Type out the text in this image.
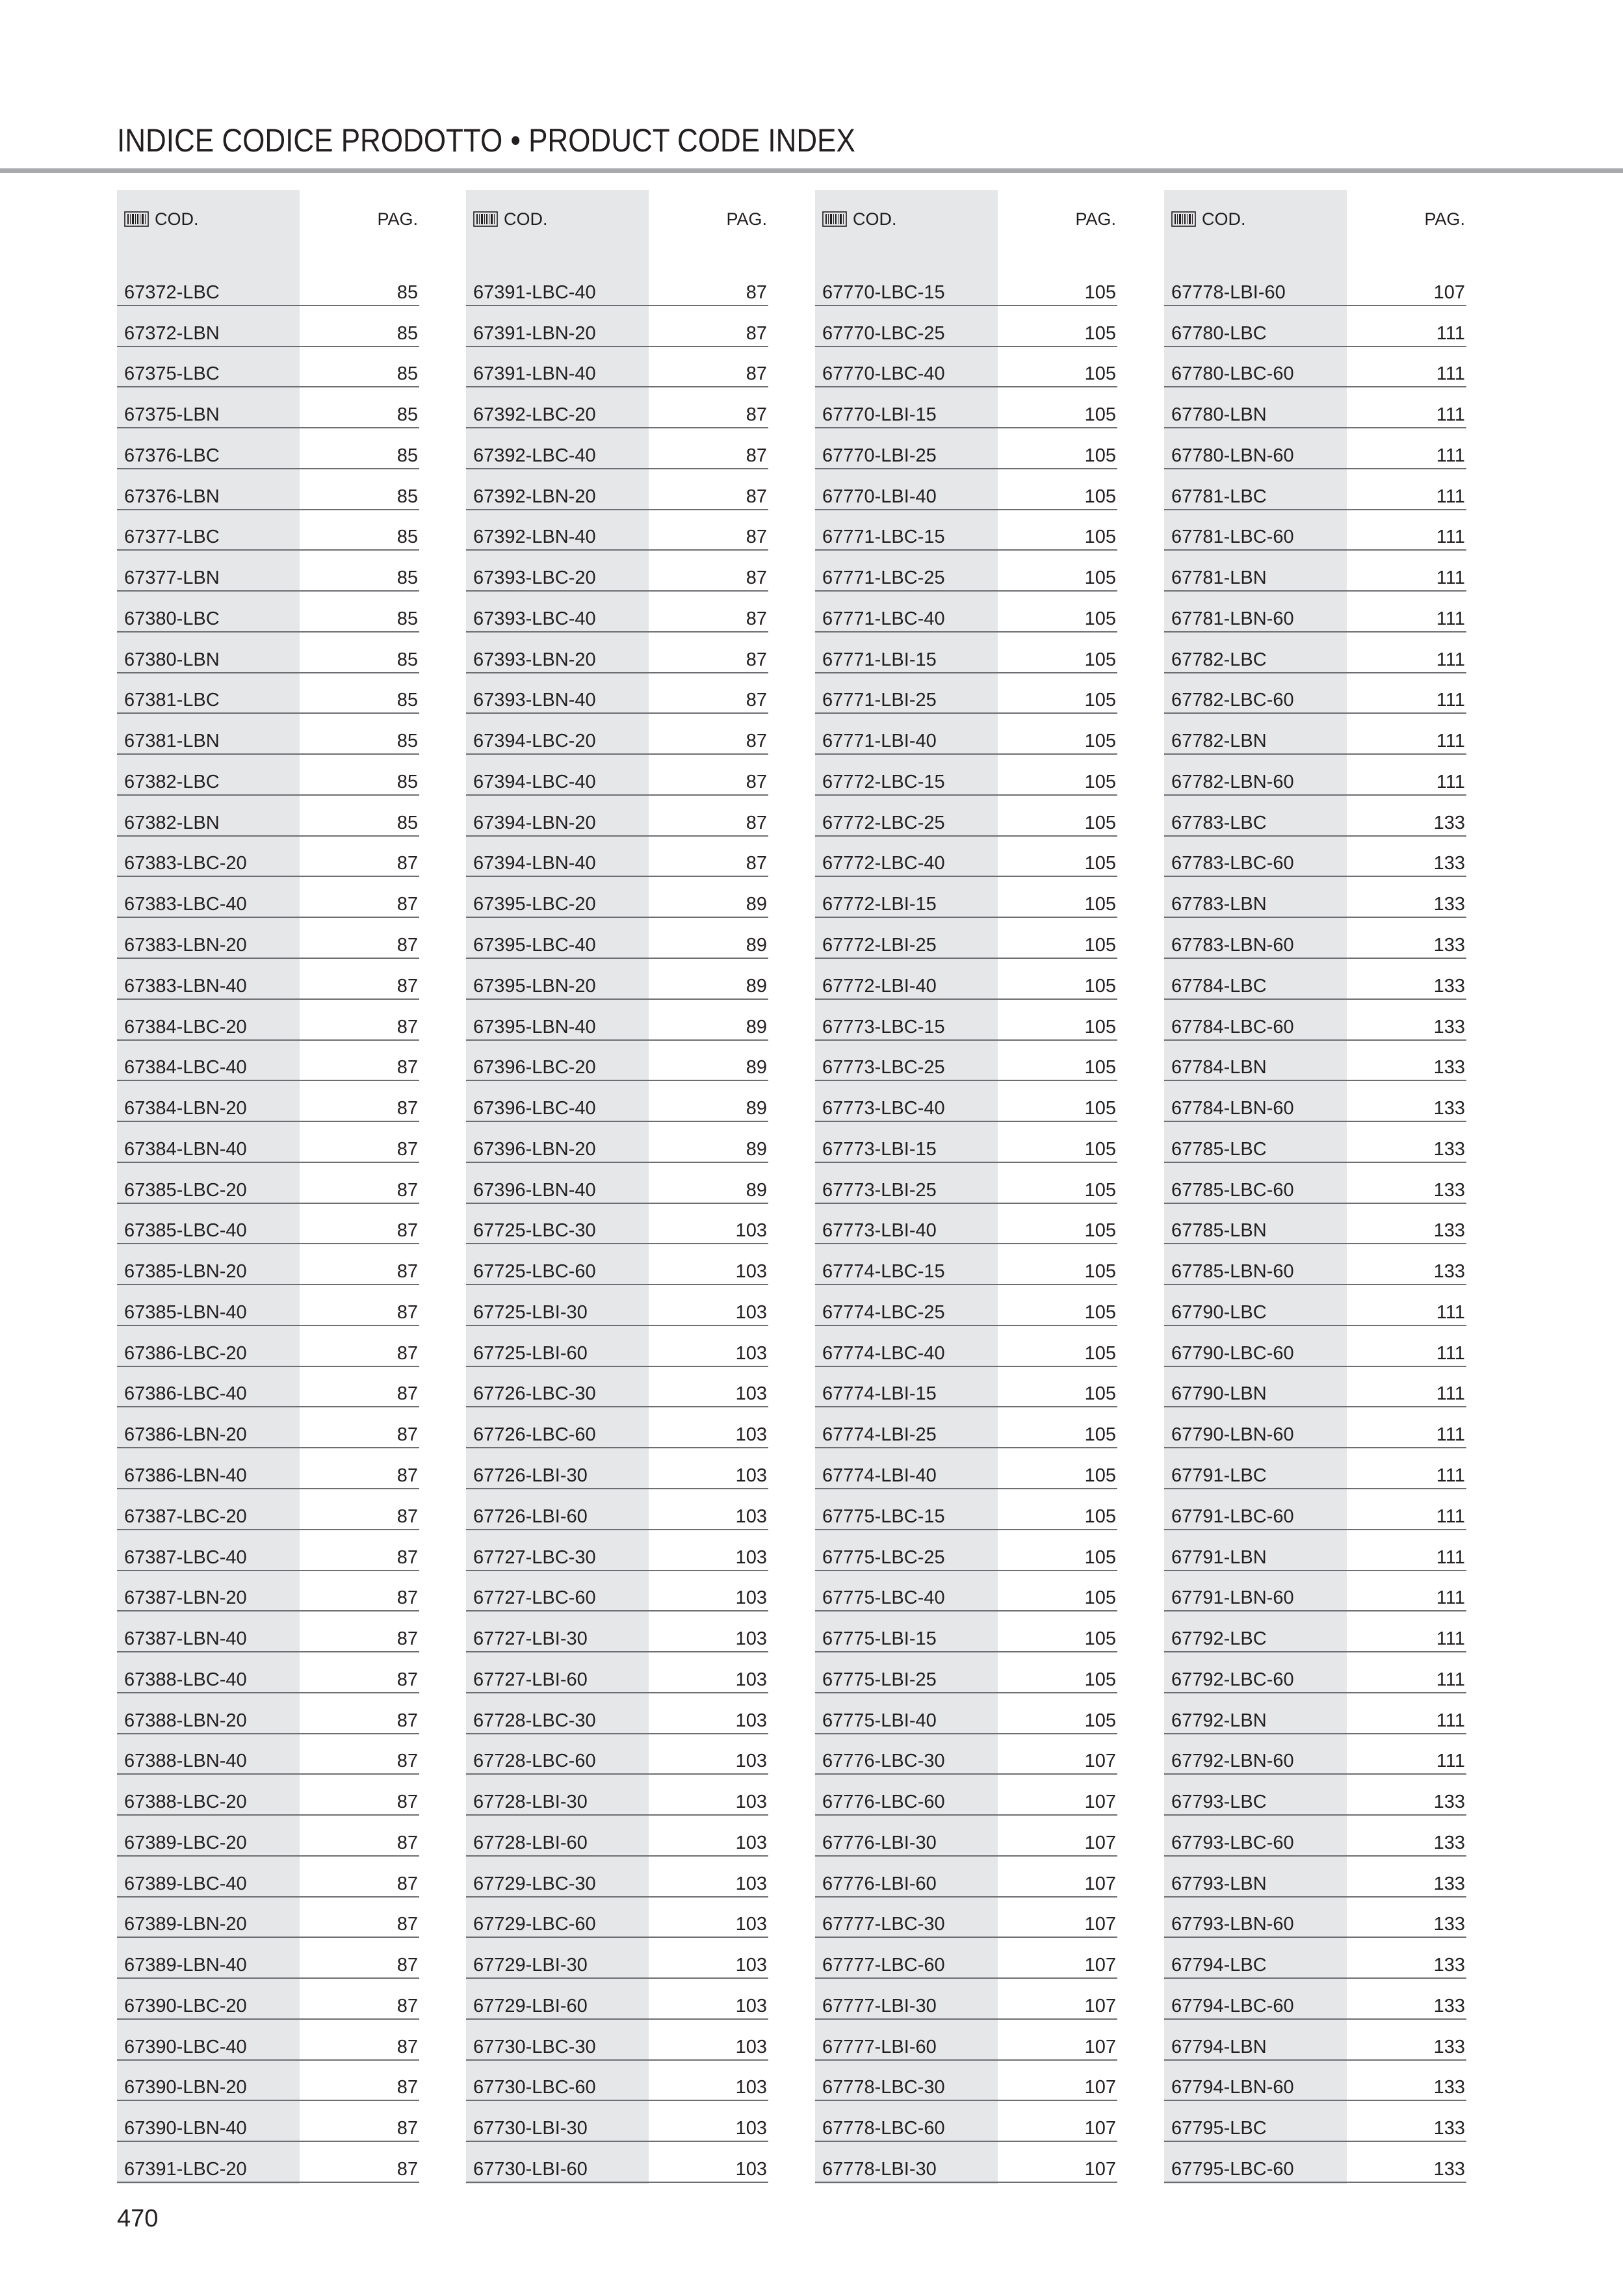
INDICE CODICE PRODOTTO • PRODUCT CODE INDEX
COD.	PAG.
67372-LBC	85
67372-LBN	85
67375-LBC	85
67375-LBN	85
67376-LBC	85
67376-LBN	85
67377-LBC	85
67377-LBN	85
67380-LBC	85
67380-LBN	85
67381-LBC	85
67381-LBN	85
67382-LBC	85
67382-LBN	85
67383-LBC-20	87
67383-LBC-40	87
67383-LBN-20	87
67383-LBN-40	87
67384-LBC-20	87
67384-LBC-40	87
67384-LBN-20	87
67384-LBN-40	87
67385-LBC-20	87
67385-LBC-40	87
67385-LBN-20	87
67385-LBN-40	87
67386-LBC-20	87
67386-LBC-40	87
67386-LBN-20	87
67386-LBN-40	87
67387-LBC-20	87
67387-LBC-40	87
67387-LBN-20	87
67387-LBN-40	87
67388-LBC-40	87
67388-LBN-20	87
67388-LBN-40	87
67388-LBC-20	87
67389-LBC-20	87
67389-LBC-40	87
67389-LBN-20	87
67389-LBN-40	87
67390-LBC-20	87
67390-LBC-40	87
67390-LBN-20	87
67390-LBN-40	87
67391-LBC-20	87
COD.	PAG.
67391-LBC-40	87
67391-LBN-20	87
67391-LBN-40	87
67392-LBC-20	87
67392-LBC-40	87
67392-LBN-20	87
67392-LBN-40	87
67393-LBC-20	87
67393-LBC-40	87
67393-LBN-20	87
67393-LBN-40	87
67394-LBC-20	87
67394-LBC-40	87
67394-LBN-20	87
67394-LBN-40	87
67395-LBC-20	89
67395-LBC-40	89
67395-LBN-20	89
67395-LBN-40	89
67396-LBC-20	89
67396-LBC-40	89
67396-LBN-20	89
67396-LBN-40	89
67725-LBC-30	103
67725-LBC-60	103
67725-LBI-30	103
67725-LBI-60	103
67726-LBC-30	103
67726-LBC-60	103
67726-LBI-30	103
67726-LBI-60	103
67727-LBC-30	103
67727-LBC-60	103
67727-LBI-30	103
67727-LBI-60	103
67728-LBC-30	103
67728-LBC-60	103
67728-LBI-30	103
67728-LBI-60	103
67729-LBC-30	103
67729-LBC-60	103
67729-LBI-30	103
67729-LBI-60	103
67730-LBC-30	103
67730-LBC-60	103
67730-LBI-30	103
67730-LBI-60	103
COD.	PAG.
67770-LBC-15	105
67770-LBC-25	105
67770-LBC-40	105
67770-LBI-15	105
67770-LBI-25	105
67770-LBI-40	105
67771-LBC-15	105
67771-LBC-25	105
67771-LBC-40	105
67771-LBI-15	105
67771-LBI-25	105
67771-LBI-40	105
67772-LBC-15	105
67772-LBC-25	105
67772-LBC-40	105
67772-LBI-15	105
67772-LBI-25	105
67772-LBI-40	105
67773-LBC-15	105
67773-LBC-25	105
67773-LBC-40	105
67773-LBI-15	105
67773-LBI-25	105
67773-LBI-40	105
67774-LBC-15	105
67774-LBC-25	105
67774-LBC-40	105
67774-LBI-15	105
67774-LBI-25	105
67774-LBI-40	105
67775-LBC-15	105
67775-LBC-25	105
67775-LBC-40	105
67775-LBI-15	105
67775-LBI-25	105
67775-LBI-40	105
67776-LBC-30	107
67776-LBC-60	107
67776-LBI-30	107
67776-LBI-60	107
67777-LBC-30	107
67777-LBC-60	107
67777-LBI-30	107
67777-LBI-60	107
67778-LBC-30	107
67778-LBC-60	107
67778-LBI-30	107
COD.	PAG.
67778-LBI-60	107
67780-LBC	111
67780-LBC-60	111
67780-LBN	111
67780-LBN-60	111
67781-LBC	111
67781-LBC-60	111
67781-LBN	111
67781-LBN-60	111
67782-LBC	111
67782-LBC-60	111
67782-LBN	111
67782-LBN-60	111
67783-LBC	133
67783-LBC-60	133
67783-LBN	133
67783-LBN-60	133
67784-LBC	133
67784-LBC-60	133
67784-LBN	133
67784-LBN-60	133
67785-LBC	133
67785-LBC-60	133
67785-LBN	133
67785-LBN-60	133
67790-LBC	111
67790-LBC-60	111
67790-LBN	111
67790-LBN-60	111
67791-LBC	111
67791-LBC-60	111
67791-LBN	111
67791-LBN-60	111
67792-LBC	111
67792-LBC-60	111
67792-LBN	111
67792-LBN-60	111
67793-LBC	133
67793-LBC-60	133
67793-LBN	133
67793-LBN-60	133
67794-LBC	133
67794-LBC-60	133
67794-LBN	133
67794-LBN-60	133
67795-LBC	133
67795-LBC-60	133
470
